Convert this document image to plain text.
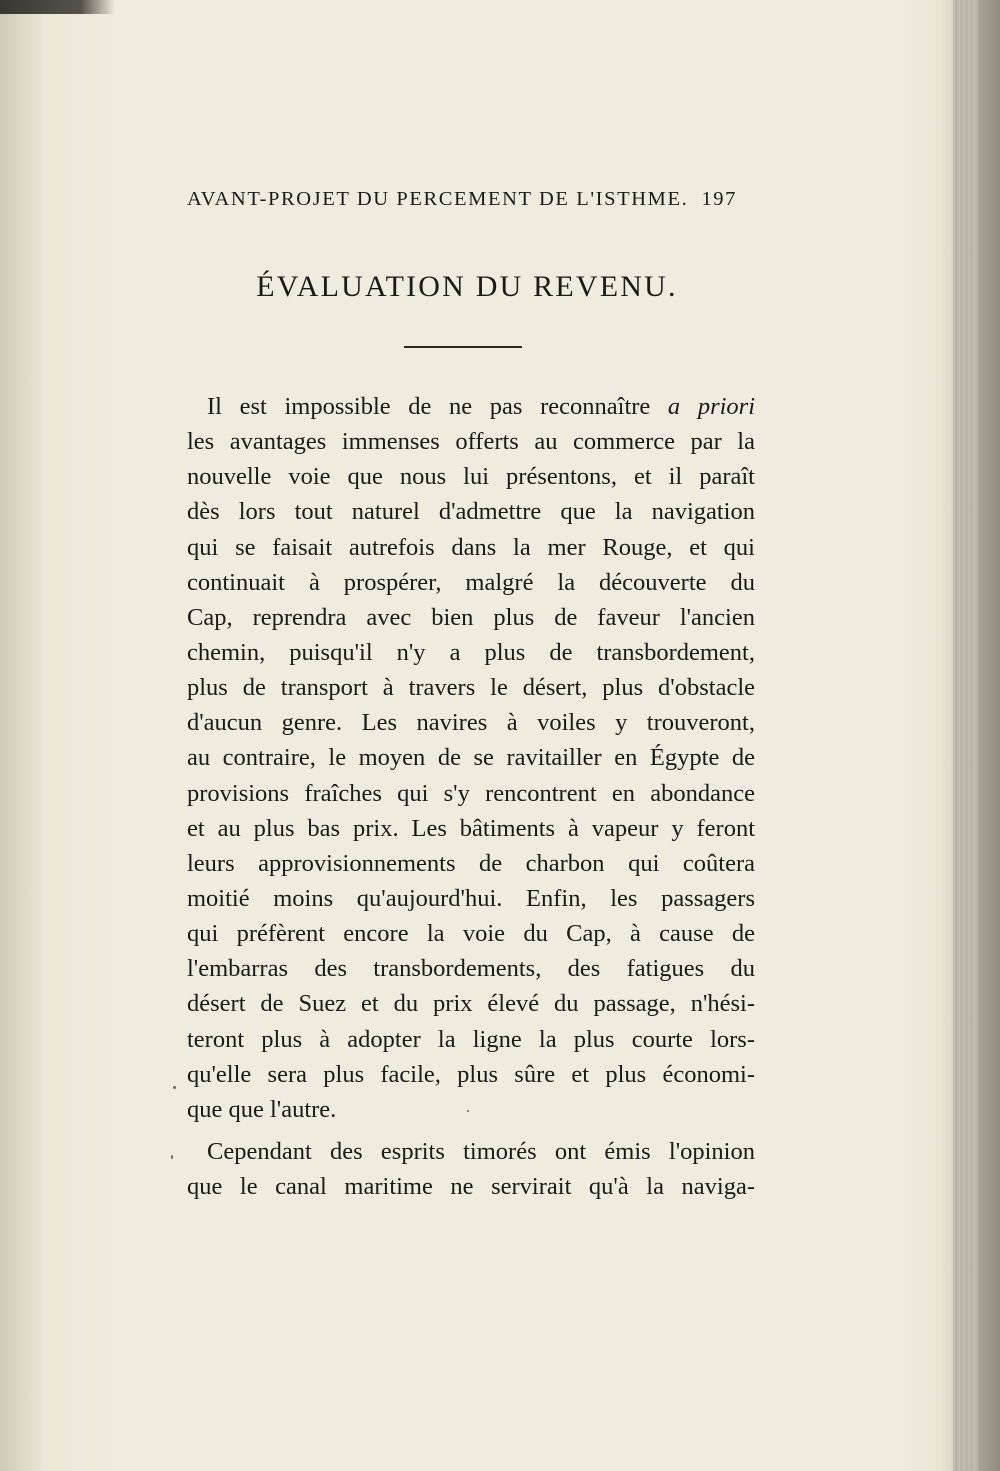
AVANT-PROJET DU PERCEMENT DE L'ISTHME. 197
ÉVALUATION DU REVENU.
Il est impossible de ne pas reconnaître a priori
les avantages immenses offerts au commerce par la
nouvelle voie que nous lui présentons, et il paraît
dès lors tout naturel d'admettre que la navigation
qui se faisait autrefois dans la mer Rouge, et qui
continuait à prospérer, malgré la découverte du
Cap, reprendra avec bien plus de faveur l'ancien
chemin, puisqu'il n'y a plus de transbordement,
plus de transport à travers le désert, plus d'obstacle
d'aucun genre. Les navires à voiles y trouveront,
au contraire, le moyen de se ravitailler en Égypte de
provisions fraîches qui s'y rencontrent en abondance
et au plus bas prix. Les bâtiments à vapeur y feront
leurs approvisionnements de charbon qui coûtera
moitié moins qu'aujourd'hui. Enfin, les passagers
qui préfèrent encore la voie du Cap, à cause de
l'embarras des transbordements, des fatigues du
désert de Suez et du prix élevé du passage, n'hési-
teront plus à adopter la ligne la plus courte lors-
qu'elle sera plus facile, plus sûre et plus économi-
que que l'autre.
Cependant des esprits timorés ont émis l'opinion
que le canal maritime ne servirait qu'à la naviga-
